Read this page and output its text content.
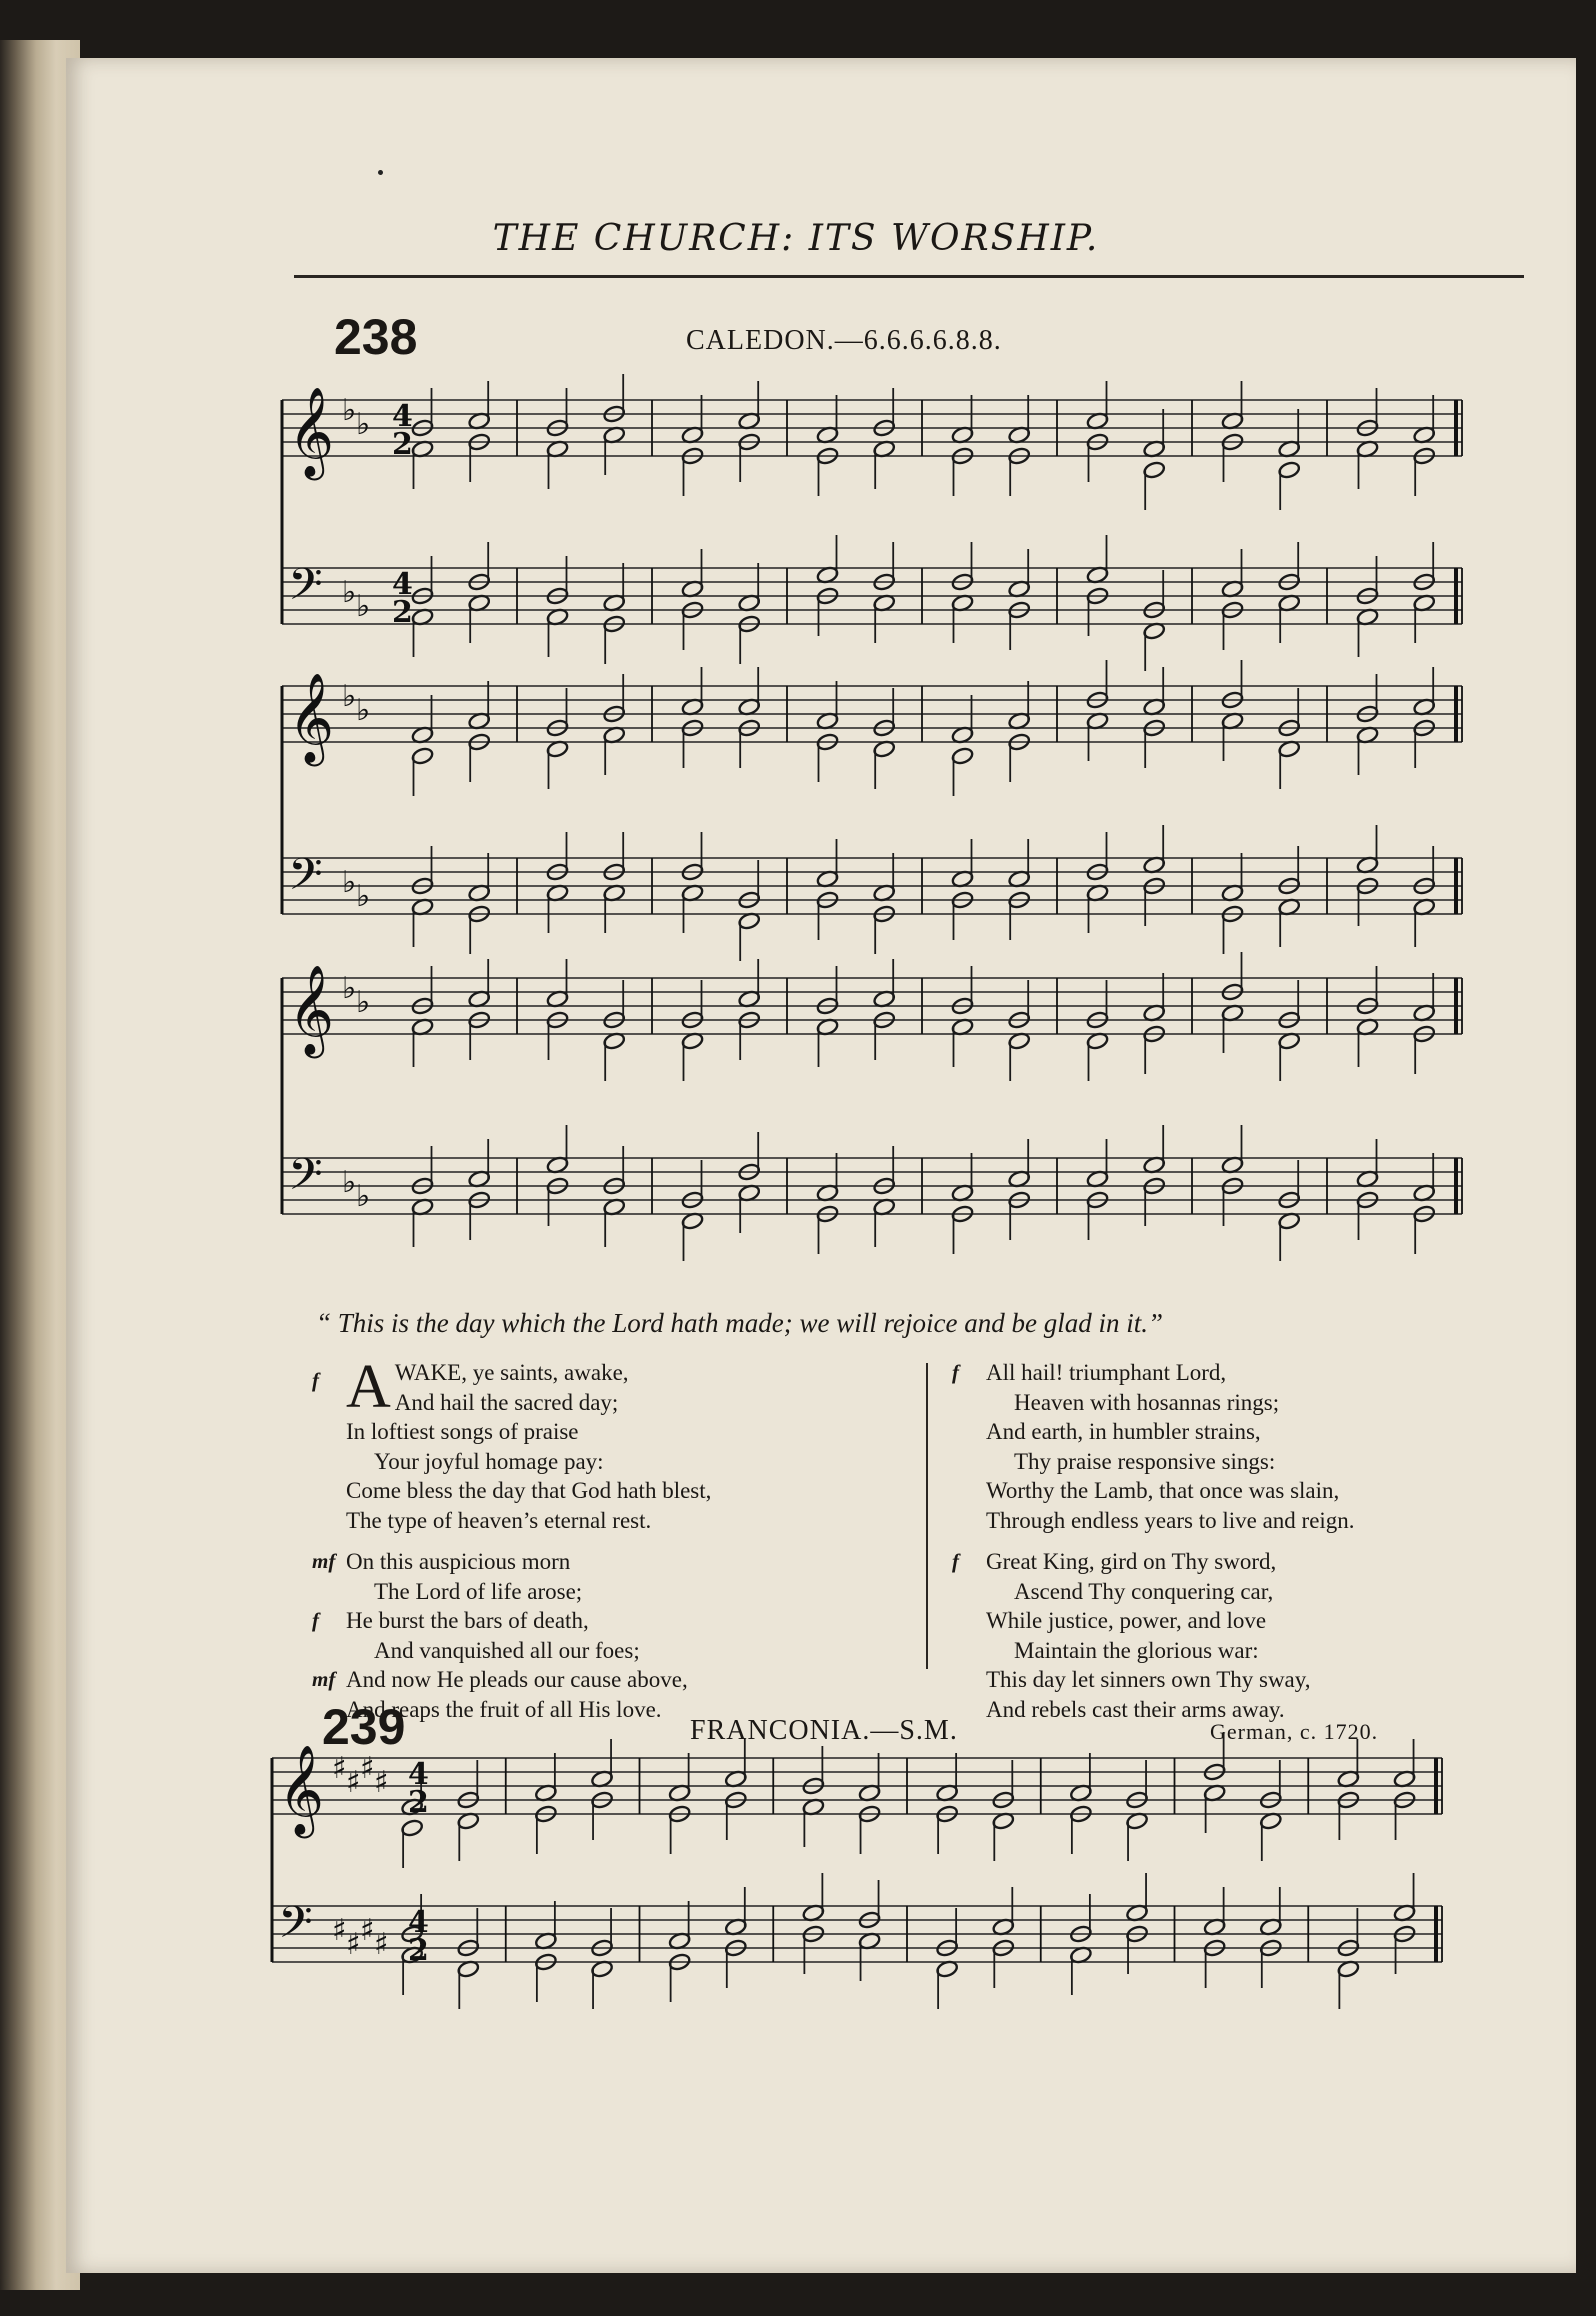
THE CHURCH: ITS WORSHIP.
238	CALEDON.—6.6.6.6.8.8.
𝄞
𝄢
♭
♭
♭
♭
4
2
4
2
𝄞
𝄢
♭
♭
♭
♭
𝄞
𝄢
♭
♭
♭
♭
𝄞
𝄢
♯
♯
♯
♯
♯
♯
♯
♯
4
2
4
2
“ This is the day which the Lord hath made; we will rejoice and be glad in it.”
f A WAKE, ye saints, awake,
And hail the sacred day;
In loftiest songs of praise
Your joyful homage pay:
Come bless the day that God hath blest,
The type of heaven’s eternal rest.
mf On this auspicious morn
The Lord of life arose;
f He burst the bars of death,
And vanquished all our foes;
mf And now He pleads our cause above,
And reaps the fruit of all His love.
f All hail! triumphant Lord,
Heaven with hosannas rings;
And earth, in humbler strains,
Thy praise responsive sings:
Worthy the Lamb, that once was slain,
Through endless years to live and reign.
f Great King, gird on Thy sword,
Ascend Thy conquering car,
While justice, power, and love
Maintain the glorious war:
This day let sinners own Thy sway,
And rebels cast their arms away.
239	FRANCONIA.—S.M.	German, c. 1720.
